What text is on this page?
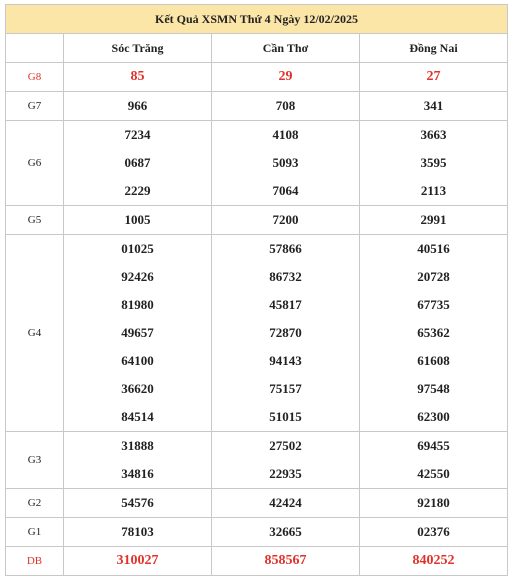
Kết Quả XSMN Thứ 4 Ngày 12/02/2025			
	Sóc Trăng	Cần Thơ	Đồng Nai
G8	85	29	27
G7	966	708	341
G6	7234	4108	3663
	0687	5093	3595
	2229	7064	2113
G5	1005	7200	2991
G4	01025	57866	40516
	92426	86732	20728
	81980	45817	67735
	49657	72870	65362
	64100	94143	61608
	36620	75157	97548
	84514	51015	62300
G3	31888	27502	69455
	34816	22935	42550
G2	54576	42424	92180
G1	78103	32665	02376
DB	310027	858567	840252
